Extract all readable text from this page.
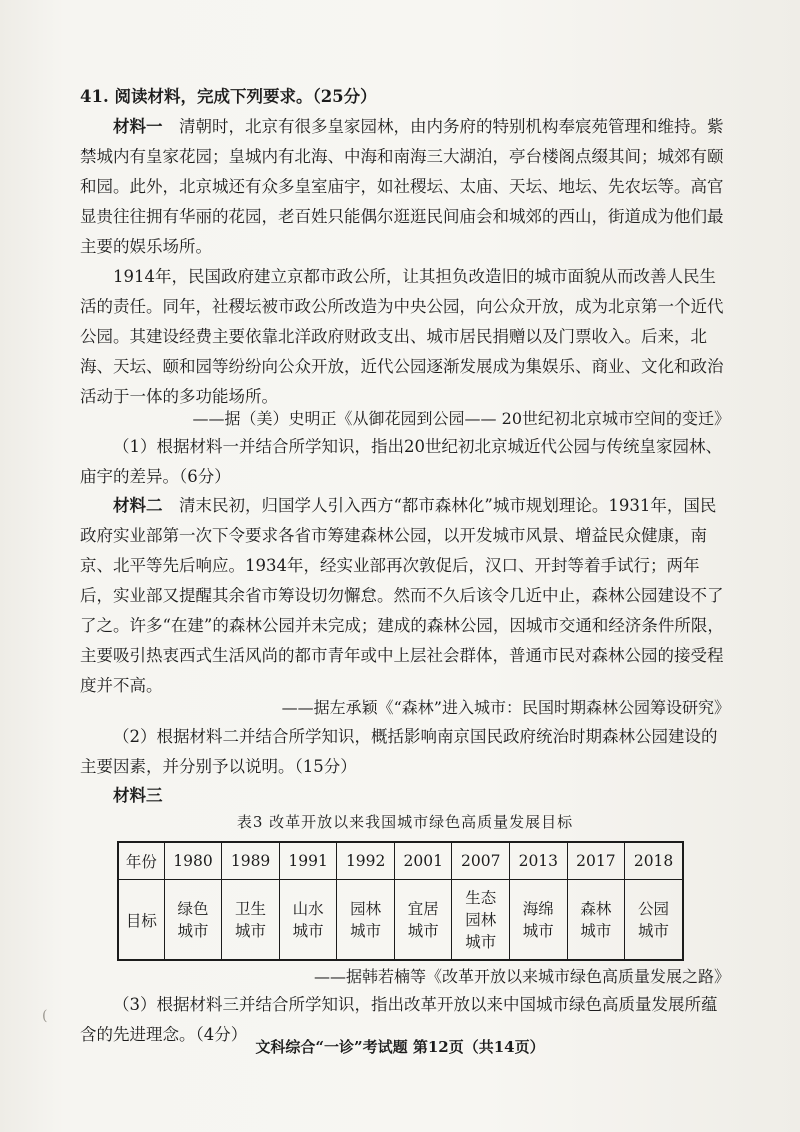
41. 阅读材料，完成下列要求。（25分）
材料一　 清朝时，北京有很多皇家园林，由内务府的特别机构奉宸苑管理和维持。紫禁城内有皇家花园；皇城内有北海、中海和南海三大湖泊，亭台楼阁点缀其间；城郊有颐和园。此外，北京城还有众多皇室庙宇，如社稷坛、太庙、天坛、地坛、先农坛等。高官显贵往往拥有华丽的花园，老百姓只能偶尔逛逛民间庙会和城郊的西山，街道成为他们最主要的娱乐场所。
1914年，民国政府建立京都市政公所，让其担负改造旧的城市面貌从而改善人民生活的责任。同年，社稷坛被市政公所改造为中央公园，向公众开放，成为北京第一个近代公园。其建设经费主要依靠北洋政府财政支出、城市居民捐赠以及门票收入。后来，北海、天坛、颐和园等纷纷向公众开放，近代公园逐渐发展成为集娱乐、商业、文化和政治活动于一体的多功能场所。
——据（美）史明正《从御花园到公园—— 20世纪初北京城市空间的变迁》
（1）根据材料一并结合所学知识，指出20世纪初北京城近代公园与传统皇家园林、庙宇的差异。（6分）
材料二　 清末民初，归国学人引入西方“都市森林化”城市规划理论。1931年，国民政府实业部第一次下令要求各省市筹建森林公园，以开发城市风景、增益民众健康，南京、北平等先后响应。1934年，经实业部再次敦促后，汉口、开封等着手试行；两年后，实业部又提醒其余省市筹设切勿懈怠。然而不久后该令几近中止，森林公园建设不了了之。许多“在建”的森林公园并未完成；建成的森林公园，因城市交通和经济条件所限，主要吸引热衷西式生活风尚的都市青年或中上层社会群体，普通市民对森林公园的接受程度并不高。
——据左承颖《“森林”进入城市：民国时期森林公园筹设研究》
（2）根据材料二并结合所学知识，概括影响南京国民政府统治时期森林公园建设的主要因素，并分别予以说明。（15分）
材料三
表3 改革开放以来我国城市绿色高质量发展目标
年份	1980	1989	1991	1992	2001	2007	2013	2017	2018
目标	绿色城市	卫生城市	山水城市	园林城市	宜居城市	生态园林城市	海绵城市	森林城市	公园城市
——据韩若楠等《改革开放以来城市绿色高质量发展之路》
（3）根据材料三并结合所学知识，指出改革开放以来中国城市绿色高质量发展所蕴含的先进理念。（4分）
(
文科综合“一诊”考试题 第12页（共14页）
